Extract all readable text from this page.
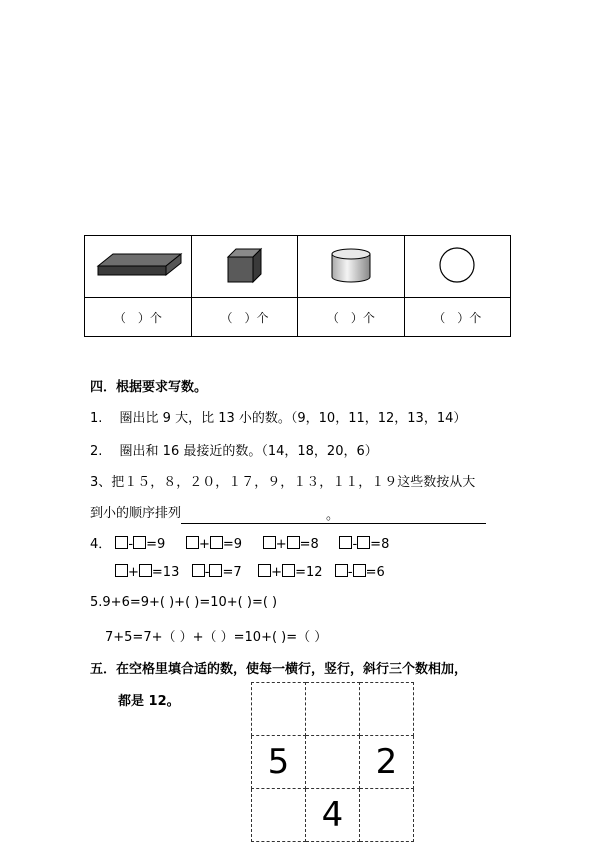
（　）个	（　）个	（　）个	（　）个
四．根据要求写数。
1.　 圈出比 9 大，比 13 小的数。（9，10，11，12，13，14）
2.　 圈出和 16 最接近的数。（14，18，20，6）
3、把１５，８，２０，１７，９，１３，１１，１９这些数按从大
到小的顺序排列	。
4． - =9	+ =9	+ =8	- =8
+ =13 - =7 + =12 - =6
5.9+6=9+( )+( )=10+( )=( )
7+5=7+（ ）+（ ）=10+( )=（ ）
五．在空格里填合适的数，使每一横行，竖行，斜行三个数相加，
都是 12。

5		2
	4	
